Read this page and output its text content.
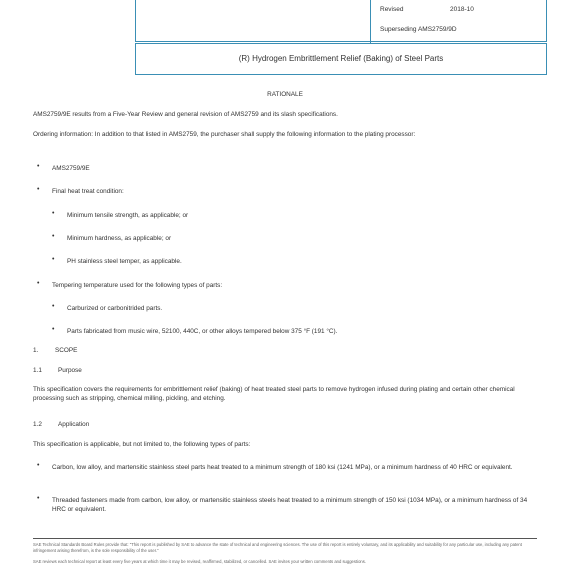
Revised	2018-10
Superseding AMS2759/9D
(R) Hydrogen Embrittlement Relief (Baking) of Steel Parts
RATIONALE
AMS2759/9E results from a Five-Year Review and general revision of AMS2759 and its slash specifications.
Ordering information: In addition to that listed in AMS2759, the purchaser shall supply the following information to the plating processor:
• AMS2759/9E
• Final heat treat condition:
• Minimum tensile strength, as applicable; or
• Minimum hardness, as applicable; or
• PH stainless steel temper, as applicable.
• Tempering temperature used for the following types of parts:
• Carburized or carbonitrided parts.
• Parts fabricated from music wire, 52100, 440C, or other alloys tempered below 375 °F (191 °C).
1.	SCOPE
1.1	Purpose
This specification covers the requirements for embrittlement relief (baking) of heat treated steel parts to remove hydrogen infused during plating and certain other chemical processing such as stripping, chemical milling, pickling, and etching.
1.2	Application
This specification is applicable, but not limited to, the following types of parts:
• Carbon, low alloy, and martensitic stainless steel parts heat treated to a minimum strength of 180 ksi (1241 MPa), or a minimum hardness of 40 HRC or equivalent.
• Threaded fasteners made from carbon, low alloy, or martensitic stainless steels heat treated to a minimum strength of 150 ksi (1034 MPa), or a minimum hardness of 34 HRC or equivalent.
SAE Technical Standards Board Rules provide that: "This report is published by SAE to advance the state of technical and engineering sciences. The use of this report is entirely voluntary, and its applicability and suitability for any particular use, including any patent infringement arising therefrom, is the sole responsibility of the user."
SAE reviews each technical report at least every five years at which time it may be revised, reaffirmed, stabilized, or cancelled. SAE invites your written comments and suggestions.
